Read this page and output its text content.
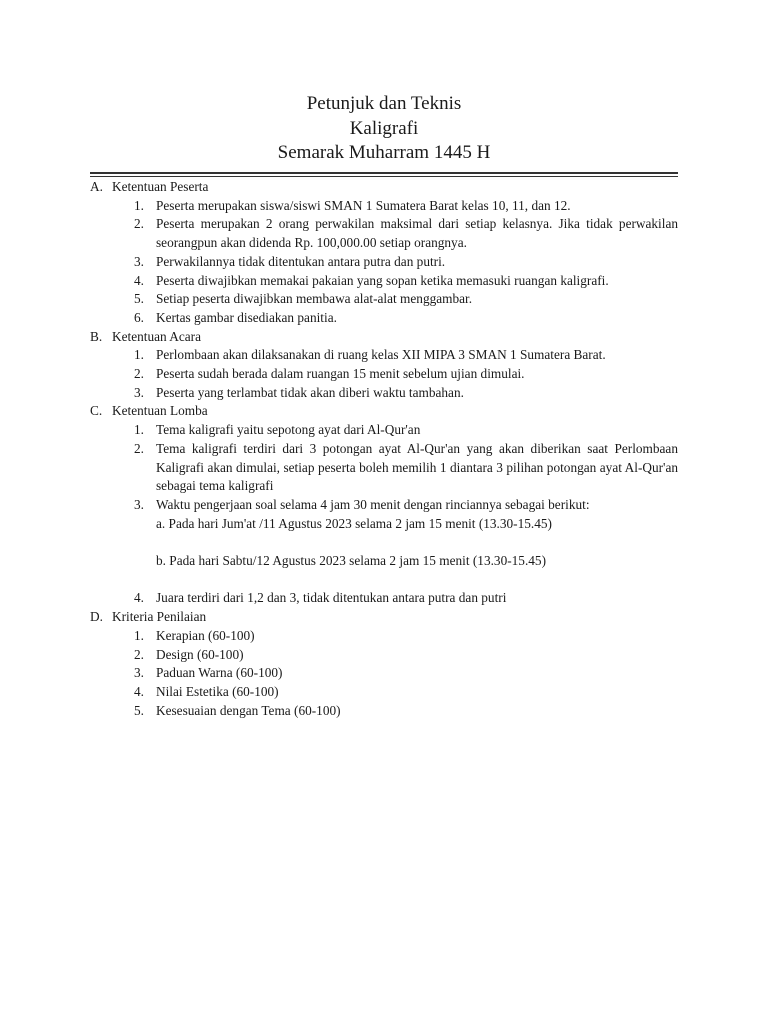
Petunjuk dan Teknis
Kaligrafi
Semarak Muharram 1445 H
A. Ketentuan Peserta
1. Peserta merupakan siswa/siswi SMAN 1 Sumatera Barat kelas 10, 11, dan 12.
2. Peserta merupakan 2 orang perwakilan maksimal dari setiap kelasnya. Jika tidak perwakilan seorangpun akan didenda Rp. 100,000.00 setiap orangnya.
3. Perwakilannya tidak ditentukan antara putra dan putri.
4. Peserta diwajibkan memakai pakaian yang sopan ketika memasuki ruangan kaligrafi.
5. Setiap peserta diwajibkan membawa alat-alat menggambar.
6. Kertas gambar disediakan panitia.
B. Ketentuan Acara
1. Perlombaan akan dilaksanakan di ruang kelas XII MIPA 3 SMAN 1 Sumatera Barat.
2. Peserta sudah berada dalam ruangan 15 menit sebelum ujian dimulai.
3. Peserta yang terlambat tidak akan diberi waktu tambahan.
C. Ketentuan Lomba
1. Tema kaligrafi yaitu sepotong ayat dari Al-Qur'an
2. Tema kaligrafi terdiri dari 3 potongan ayat Al-Qur'an yang akan diberikan saat Perlombaan Kaligrafi akan dimulai, setiap peserta boleh memilih 1 diantara 3 pilihan potongan ayat Al-Qur'an sebagai tema kaligrafi
3. Waktu pengerjaan soal selama 4 jam 30 menit dengan rinciannya sebagai berikut:
a. Pada hari Jum'at /11 Agustus 2023 selama 2 jam 15 menit (13.30-15.45)
b. Pada hari Sabtu/12 Agustus 2023 selama 2 jam 15 menit (13.30-15.45)
4. Juara terdiri dari 1,2 dan 3, tidak ditentukan antara putra dan putri
D. Kriteria Penilaian
1. Kerapian (60-100)
2. Design (60-100)
3. Paduan Warna (60-100)
4. Nilai Estetika (60-100)
5. Kesesuaian dengan Tema (60-100)
